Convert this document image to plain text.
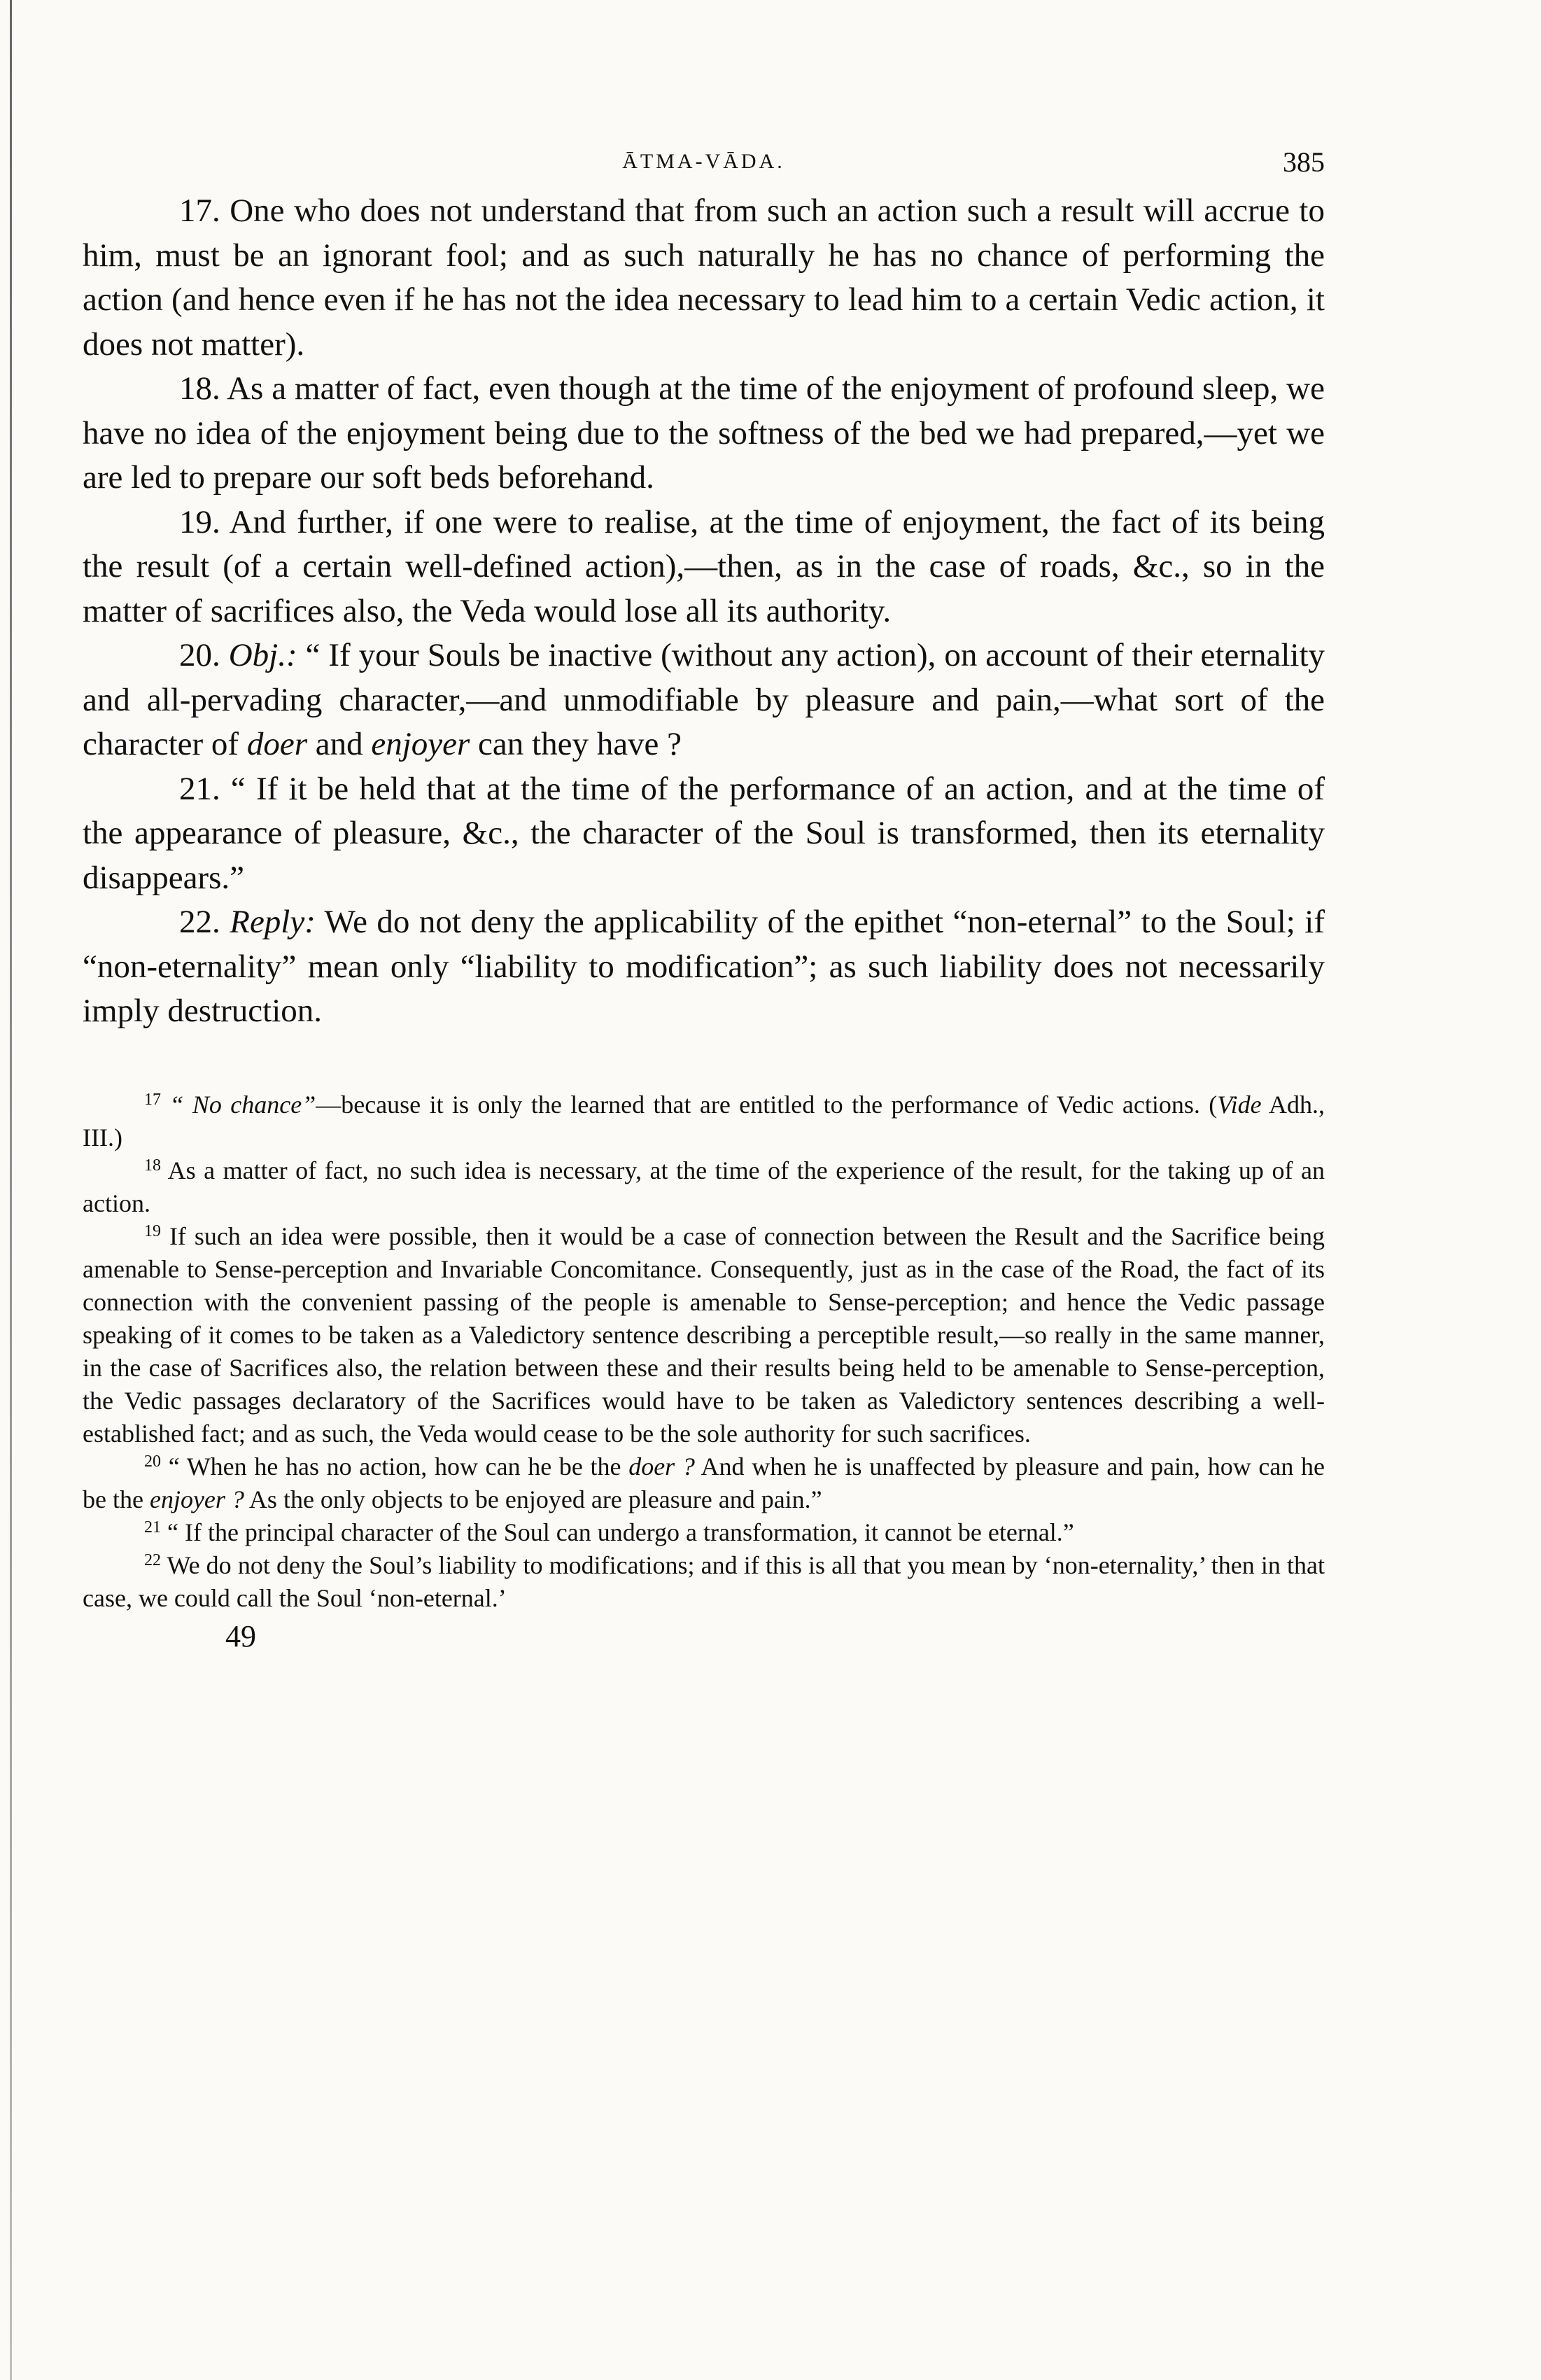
ĀTMA-VĀDA.	385

17. One who does not understand that from such an action such a result will accrue to him, must be an ignorant fool; and as such naturally he has no chance of performing the action (and hence even if he has not the idea necessary to lead him to a certain Vedic action, it does not matter).

18. As a matter of fact, even though at the time of the enjoyment of profound sleep, we have no idea of the enjoyment being due to the softness of the bed we had prepared,—yet we are led to prepare our soft beds beforehand.

19. And further, if one were to realise, at the time of enjoyment, the fact of its being the result (of a certain well-defined action),—then, as in the case of roads, &c., so in the matter of sacrifices also, the Veda would lose all its authority.

20. Obj.: “ If your Souls be inactive (without any action), on account of their eternality and all-pervading character,—and unmodifiable by pleasure and pain,—what sort of the character of doer and enjoyer can they have ?

21. “ If it be held that at the time of the performance of an action, and at the time of the appearance of pleasure, &c., the character of the Soul is transformed, then its eternality disappears.”

22. Reply: We do not deny the applicability of the epithet “non-eternal” to the Soul; if “non-eternality” mean only “liability to modification”; as such liability does not necessarily imply destruction.

$^{17}$ “ No chance”—because it is only the learned that are entitled to the performance of Vedic actions. (Vide Adh., III.)

$^{18}$ As a matter of fact, no such idea is necessary, at the time of the experience of the result, for the taking up of an action.

$^{19}$ If such an idea were possible, then it would be a case of connection between the Result and the Sacrifice being amenable to Sense-perception and Invariable Concomitance. Consequently, just as in the case of the Road, the fact of its connection with the convenient passing of the people is amenable to Sense-perception; and hence the Vedic passage speaking of it comes to be taken as a Valedictory sentence describing a perceptible result,—so really in the same manner, in the case of Sacrifices also, the relation between these and their results being held to be amenable to Sense-perception, the Vedic passages declaratory of the Sacrifices would have to be taken as Valedictory sentences describing a well-established fact; and as such, the Veda would cease to be the sole authority for such sacrifices.

$^{20}$ “ When he has no action, how can he be the doer ? And when he is unaffected by pleasure and pain, how can he be the enjoyer ? As the only objects to be enjoyed are pleasure and pain.”

$^{21}$ “ If the principal character of the Soul can undergo a transformation, it cannot be eternal.”

$^{22}$ We do not deny the Soul’s liability to modifications; and if this is all that you mean by ‘non-eternality,’ then in that case, we could call the Soul ‘non-eternal.’

49
